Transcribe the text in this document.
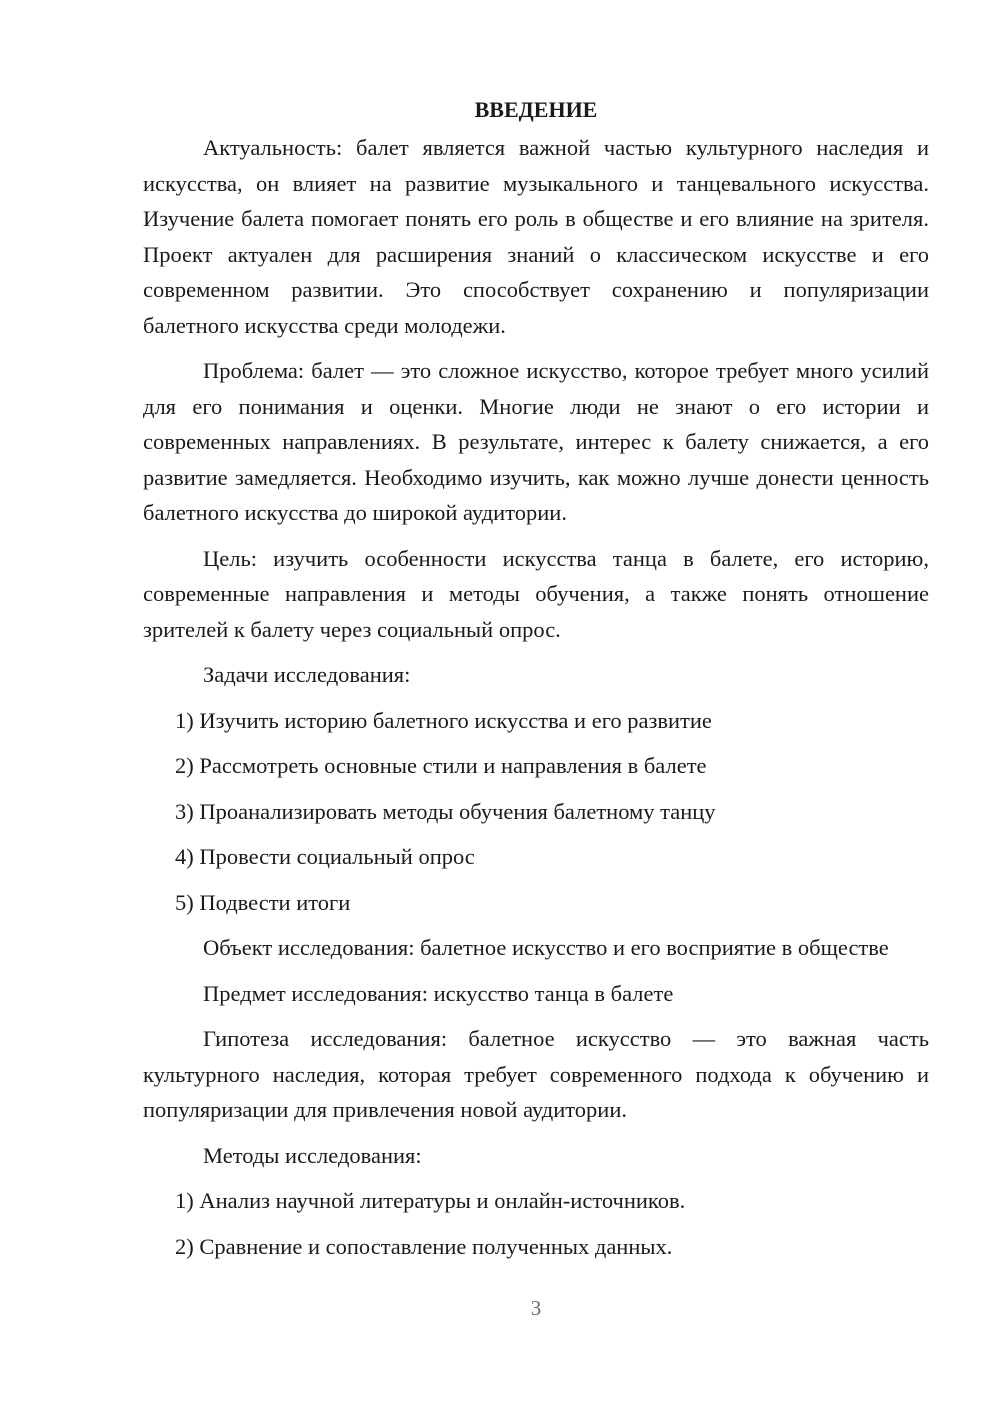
ВВЕДЕНИЕ

Актуальность: балет является важной частью культурного наследия и искусства, он влияет на развитие музыкального и танцевального искусства. Изучение балета помогает понять его роль в обществе и его влияние на зрителя. Проект актуален для расширения знаний о классическом искусстве и его современном развитии. Это способствует сохранению и популяризации балетного искусства среди молодежи.

Проблема: балет — это сложное искусство, которое требует много усилий для его понимания и оценки. Многие люди не знают о его истории и современных направлениях. В результате, интерес к балету снижается, а его развитие замедляется. Необходимо изучить, как можно лучше донести ценность балетного искусства до широкой аудитории.

Цель: изучить особенности искусства танца в балете, его историю, современные направления и методы обучения, а также понять отношение зрителей к балету через социальный опрос.

Задачи исследования:

1) Изучить историю балетного искусства и его развитие

2) Рассмотреть основные стили и направления в балете

3) Проанализировать методы обучения балетному танцу

4) Провести социальный опрос

5) Подвести итоги

Объект исследования: балетное искусство и его восприятие в обществе

Предмет исследования: искусство танца в балете

Гипотеза исследования: балетное искусство — это важная часть культурного наследия, которая требует современного подхода к обучению и популяризации для привлечения новой аудитории.

Методы исследования:

1) Анализ научной литературы и онлайн-источников.

2) Сравнение и сопоставление полученных данных.

3
